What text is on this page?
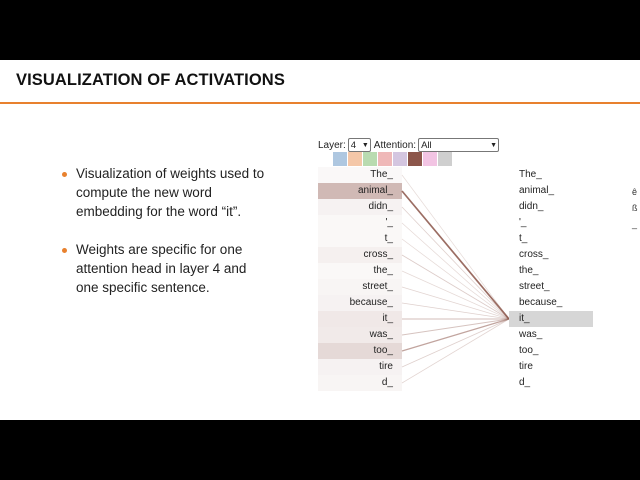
VISUALIZATION OF ACTIVATIONS
Visualization of weights used to compute the new word embedding for the word “it”.
Weights are specific for one attention head in layer 4 and one specific sentence.
Layer: 4 ▼ Attention: All	▼
The_
animal_
didn_
'_
t_
cross_
the_
street_
because_
it_
was_
too_
tire
d_
The_
animal_
didn_
'_
t_
cross_
the_
street_
because_
it_
was_
too_
tire
d_
ê
ß
_
